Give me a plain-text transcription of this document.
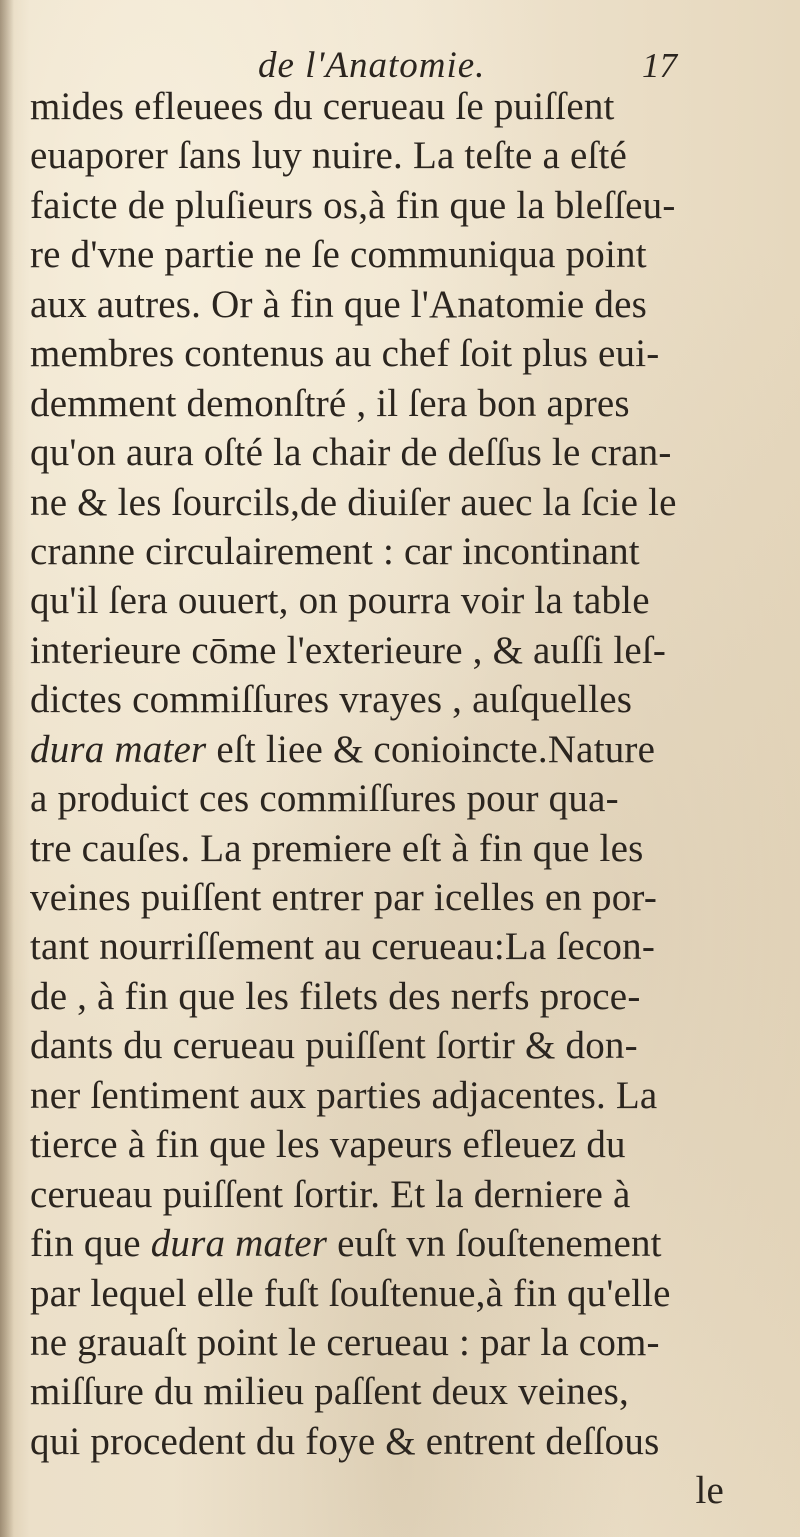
de l'Anatomie.	17
mides efleuees du cerueau ſe puiſſent
euaporer ſans luy nuire. La teſte a eſté
faicte de pluſieurs os,à fin que la bleſſeu-
re d'vne partie ne ſe communiqua point
aux autres. Or à fin que l'Anatomie des
membres contenus au chef ſoit plus eui-
demment demonſtré , il ſera bon apres
qu'on aura oſté la chair de deſſus le cran-
ne & les ſourcils,de diuiſer auec la ſcie le
cranne circulairement : car incontinant
qu'il ſera ouuert, on pourra voir la table
interieure cōme l'exterieure , & auſſi leſ-
dictes commiſſures vrayes , auſquelles
dura mater eſt liee & conioincte.Nature
a produict ces commiſſures pour qua-
tre cauſes. La premiere eſt à fin que les
veines puiſſent entrer par icelles en por-
tant nourriſſement au cerueau:La ſecon-
de , à fin que les filets des nerfs proce-
dants du cerueau puiſſent ſortir & don-
ner ſentiment aux parties adjacentes. La
tierce à fin que les vapeurs efleuez du
cerueau puiſſent ſortir. Et la derniere à
fin que dura mater euſt vn ſouſtenement
par lequel elle fuſt ſouſtenue,à fin qu'elle
ne grauaſt point le cerueau : par la com-
miſſure du milieu paſſent deux veines,
qui procedent du foye & entrent deſſous
le
